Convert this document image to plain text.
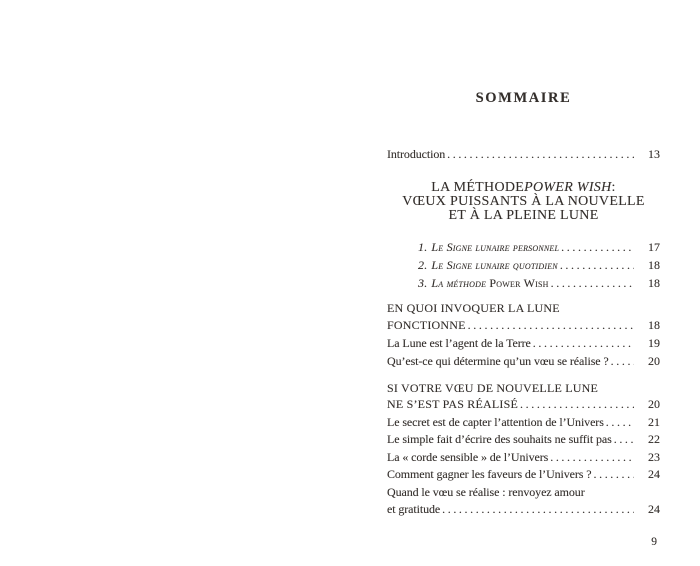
SOMMAIRE
Introduction .....	13
LA MÉTHODE POWER WISH :
VŒUX PUISSANTS À LA NOUVELLE
ET À LA PLEINE LUNE
1. Le Signe lunaire personnel .....	17
2. Le Signe lunaire quotidien .....	18
3. La méthode Power Wish .....	18
EN QUOI INVOQUER LA LUNE
FONCTIONNE .....	18
La Lune est l’agent de la Terre .....	19
Qu’est-ce qui détermine qu’un vœu se réalise ? .....	20
SI VOTRE VŒU DE NOUVELLE LUNE
NE S’EST PAS RÉALISÉ .....	20
Le secret est de capter l’attention de l’Univers .....	21
Le simple fait d’écrire des souhaits ne suffit pas .....	22
La « corde sensible » de l’Univers .....	23
Comment gagner les faveurs de l’Univers ? .....	24
Quand le vœu se réalise : renvoyez amour
et gratitude .....	24
9
